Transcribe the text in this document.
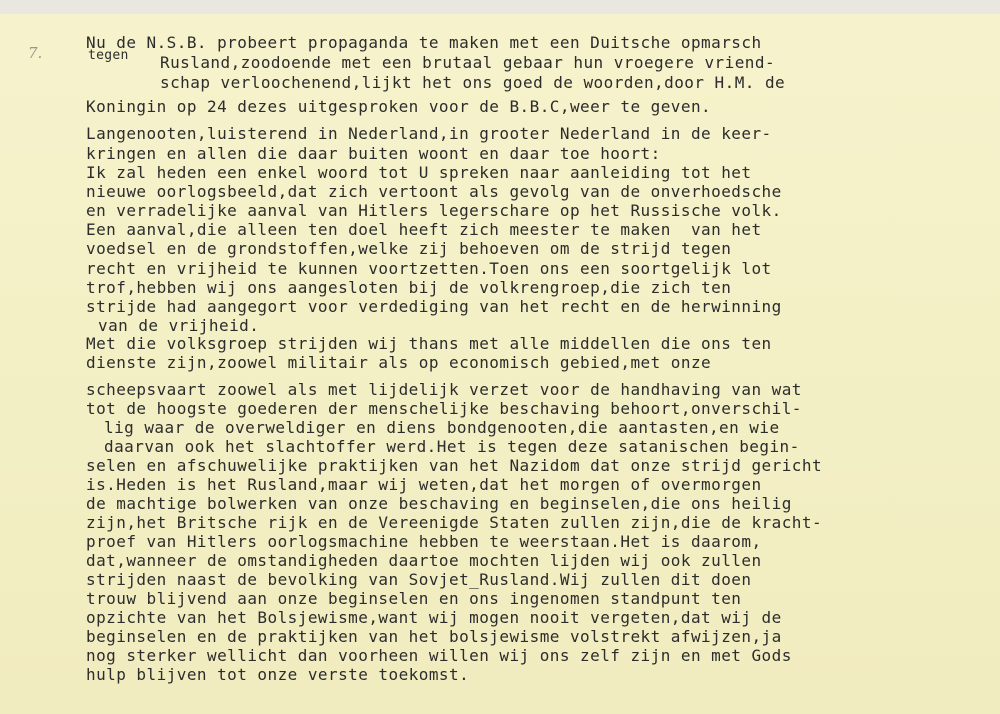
7.
Nu de N.S.B. probeert propaganda te maken met een Duitsche opmarsch
tegen Rusland,zoodoende met een brutaal gebaar hun vroegere vriend-
schap verloochenend,lijkt het ons goed de woorden,door H.M. de
Koningin op 24 dezes uitgesproken voor de B.B.C,weer te geven.
Langenooten,luisterend in Nederland,in grooter Nederland in de keer-
kringen en allen die daar buiten woont en daar toe hoort:
Ik zal heden een enkel woord tot U spreken naar aanleiding tot het
nieuwe oorlogsbeeld,dat zich vertoont als gevolg van de onverhoedsche
en verradelijke aanval van Hitlers legerschare op het Russische volk.
Een aanval,die alleen ten doel heeft zich meester te maken  van het
voedsel en de grondstoffen,welke zij behoeven om de strijd tegen
recht en vrijheid te kunnen voortzetten.Toen ons een soortgelijk lot
trof,hebben wij ons aangesloten bij de volkrengroep,die zich ten
strijde had aangegort voor verdediging van het recht en de herwinning
van de vrijheid.
Met die volksgroep strijden wij thans met alle middellen die ons ten
dienste zijn,zoowel militair als op economisch gebied,met onze
scheepsvaart zoowel als met lijdelijk verzet voor de handhaving van wat
tot de hoogste goederen der menschelijke beschaving behoort,onverschil-
lig waar de overweldiger en diens bondgenooten,die aantasten,en wie
daarvan ook het slachtoffer werd.Het is tegen deze satanischen begin-
selen en afschuwelijke praktijken van het Nazidom dat onze strijd gericht
is.Heden is het Rusland,maar wij weten,dat het morgen of overmorgen
de machtige bolwerken van onze beschaving en beginselen,die ons heilig
zijn,het Britsche rijk en de Vereenigde Staten zullen zijn,die de kracht-
proef van Hitlers oorlogsmachine hebben te weerstaan.Het is daarom,
dat,wanneer de omstandigheden daartoe mochten lijden wij ook zullen
strijden naast de bevolking van Sovjet_Rusland.Wij zullen dit doen
trouw blijvend aan onze beginselen en ons ingenomen standpunt ten
opzichte van het Bolsjewisme,want wij mogen nooit vergeten,dat wij de
beginselen en de praktijken van het bolsjewisme volstrekt afwijzen,ja
nog sterker wellicht dan voorheen willen wij ons zelf zijn en met Gods
hulp blijven tot onze verste toekomst.
